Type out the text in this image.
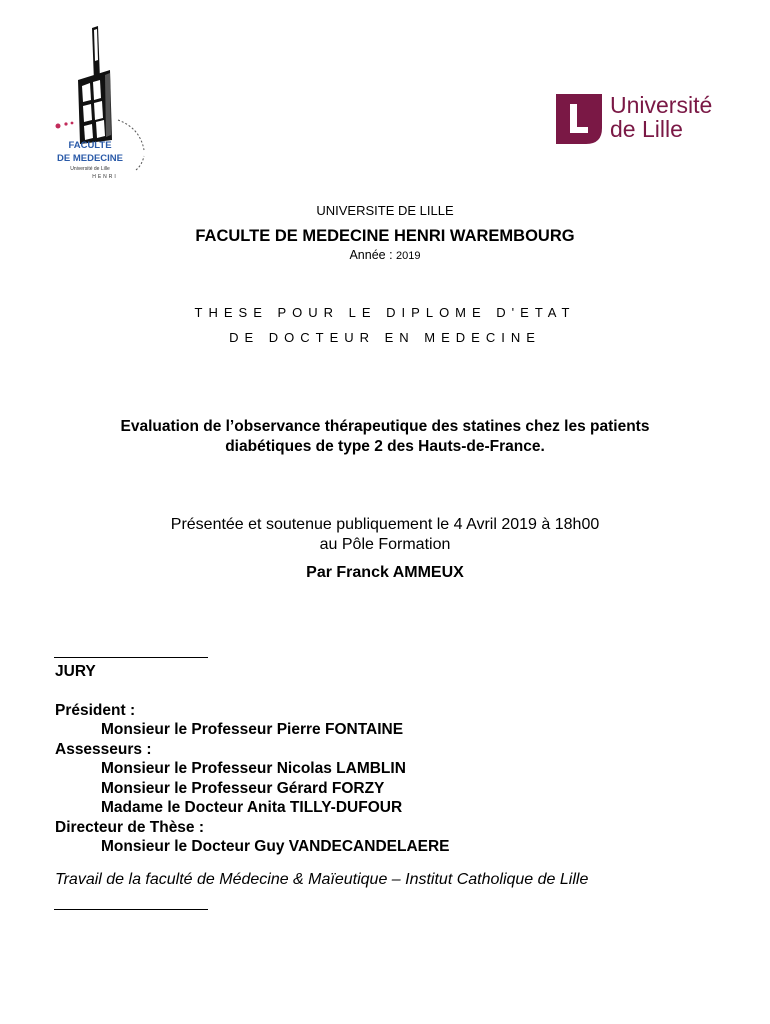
FACULTE
DE MEDECINE
Université de Lille
HENRI
Université
de Lille
UNIVERSITE DE LILLE
FACULTE DE MEDECINE HENRI WAREMBOURG
Année : 2019
THESE POUR LE DIPLOME D'ETAT
DE DOCTEUR EN MEDECINE
Evaluation de l’observance thérapeutique des statines chez les patients
diabétiques de type 2 des Hauts-de-France.
Présentée et soutenue publiquement le 4 Avril 2019 à 18h00
au Pôle Formation
Par Franck AMMEUX
JURY
Président :
Monsieur le Professeur Pierre FONTAINE
Assesseurs :
Monsieur le Professeur Nicolas LAMBLIN
Monsieur le Professeur Gérard FORZY
Madame le Docteur Anita TILLY-DUFOUR
Directeur de Thèse :
Monsieur le Docteur Guy VANDECANDELAERE
Travail de la faculté de Médecine & Maïeutique – Institut Catholique de Lille
